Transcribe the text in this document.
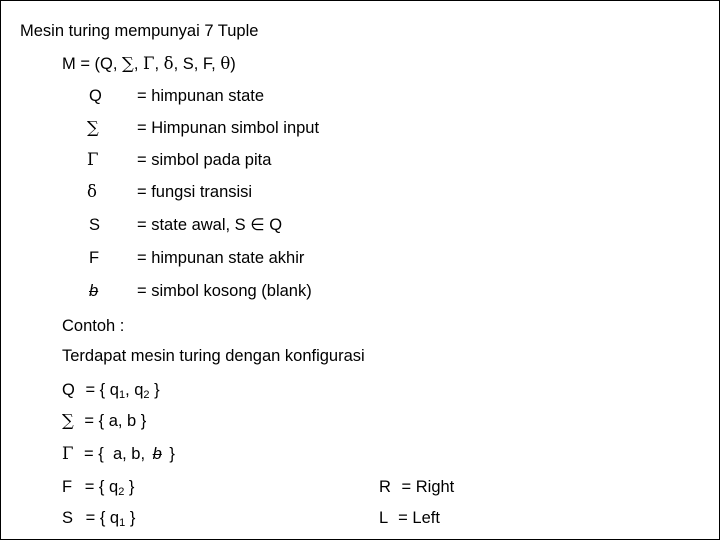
Mesin turing mempunyai 7 Tuple
M = (Q, ∑, Γ, δ, S, F, θ)
Q = himpunan state
∑ = Himpunan simbol input
Γ = simbol pada pita
δ = fungsi transisi
S = state awal, S ∈ Q
F = himpunan state akhir
b = simbol kosong (blank)
Contoh :
Terdapat mesin turing dengan konfigurasi
Q = { $q_1$, $q_2$ }
∑ = { a, b }
Γ = {  a, b, b }
F = { $q_2$ }
S = { $q_1$ }
R = Right
L = Left
